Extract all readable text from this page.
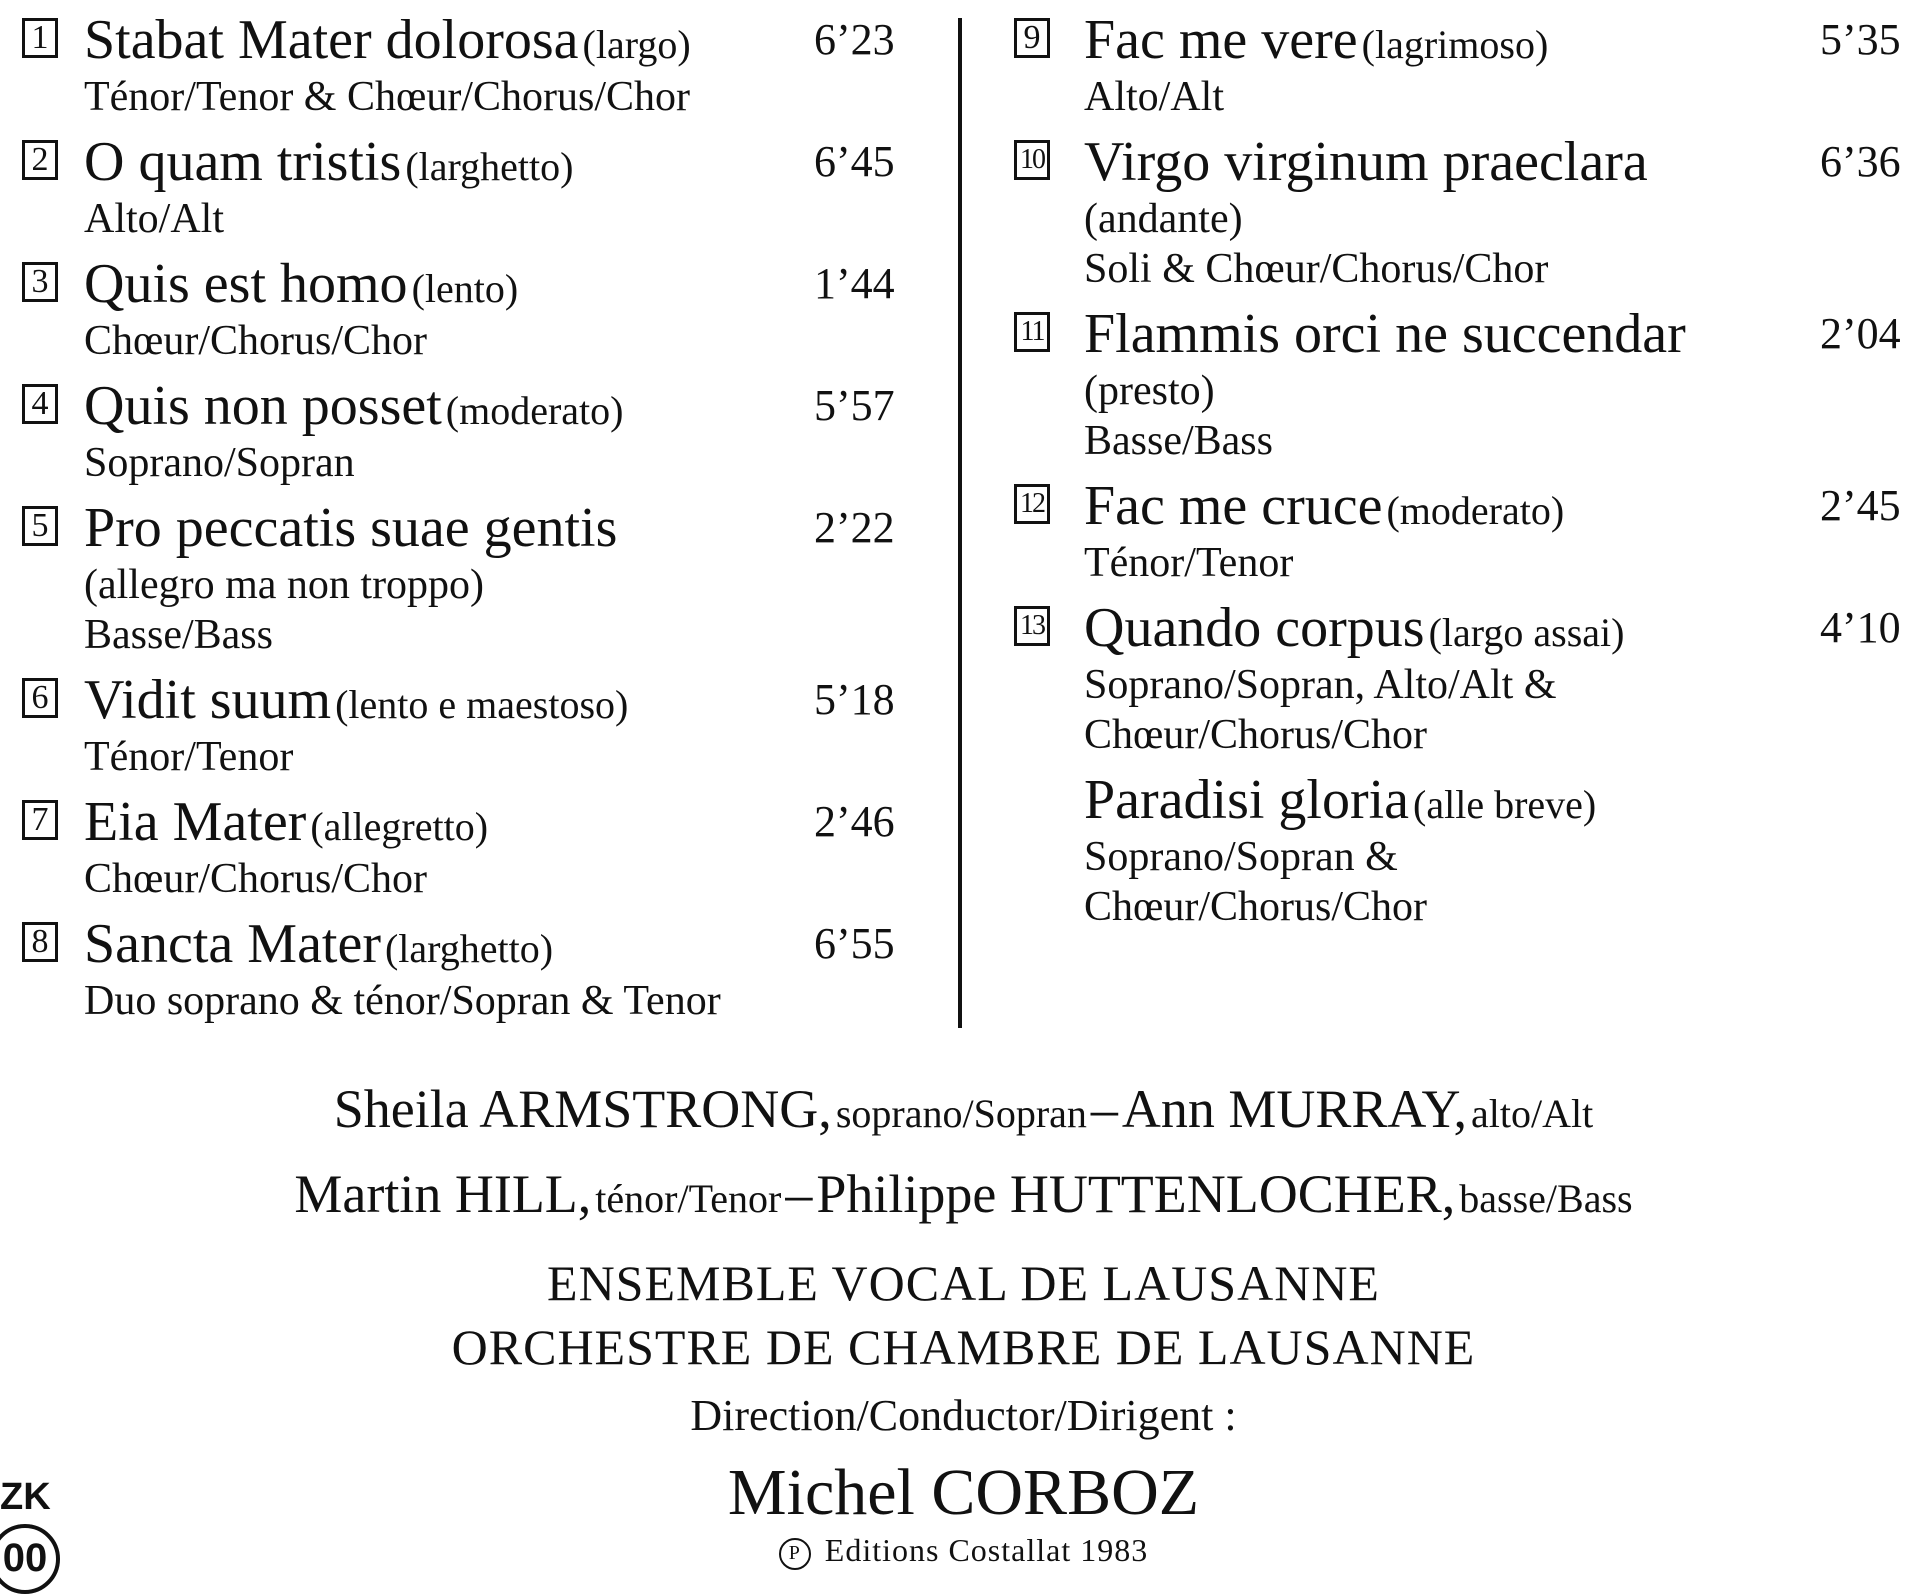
1 Stabat Mater dolorosa (largo)	6’23
Ténor/Tenor & Chœur/Chorus/Chor
2 O quam tristis (larghetto)	6’45
Alto/Alt
3 Quis est homo (lento)	1’44
Chœur/Chorus/Chor
4 Quis non posset (moderato)	5’57
Soprano/Sopran
5 Pro peccatis suae gentis	2’22
(allegro ma non troppo)
Basse/Bass
6 Vidit suum (lento e maestoso)	5’18
Ténor/Tenor
7 Eia Mater (allegretto)	2’46
Chœur/Chorus/Chor
8 Sancta Mater (larghetto)	6’55
Duo soprano & ténor/Sopran & Tenor
9 Fac me vere (lagrimoso)	5’35
Alto/Alt
10 Virgo virginum praeclara	6’36
(andante)
Soli & Chœur/Chorus/Chor
11 Flammis orci ne succendar	2’04
(presto)
Basse/Bass
12 Fac me cruce (moderato)	2’45
Ténor/Tenor
13 Quando corpus (largo assai)	4’10
Soprano/Sopran, Alto/Alt &
Chœur/Chorus/Chor
Paradisi gloria (alle breve)
Soprano/Sopran &
Chœur/Chorus/Chor
Sheila ARMSTRONG, soprano/Sopran – Ann MURRAY, alto/Alt
Martin HILL, ténor/Tenor – Philippe HUTTENLOCHER, basse/Bass
ENSEMBLE VOCAL DE LAUSANNE
ORCHESTRE DE CHAMBRE DE LAUSANNE
Direction/Conductor/Dirigent :
Michel CORBOZ
P Editions Costallat 1983
ZK
00
